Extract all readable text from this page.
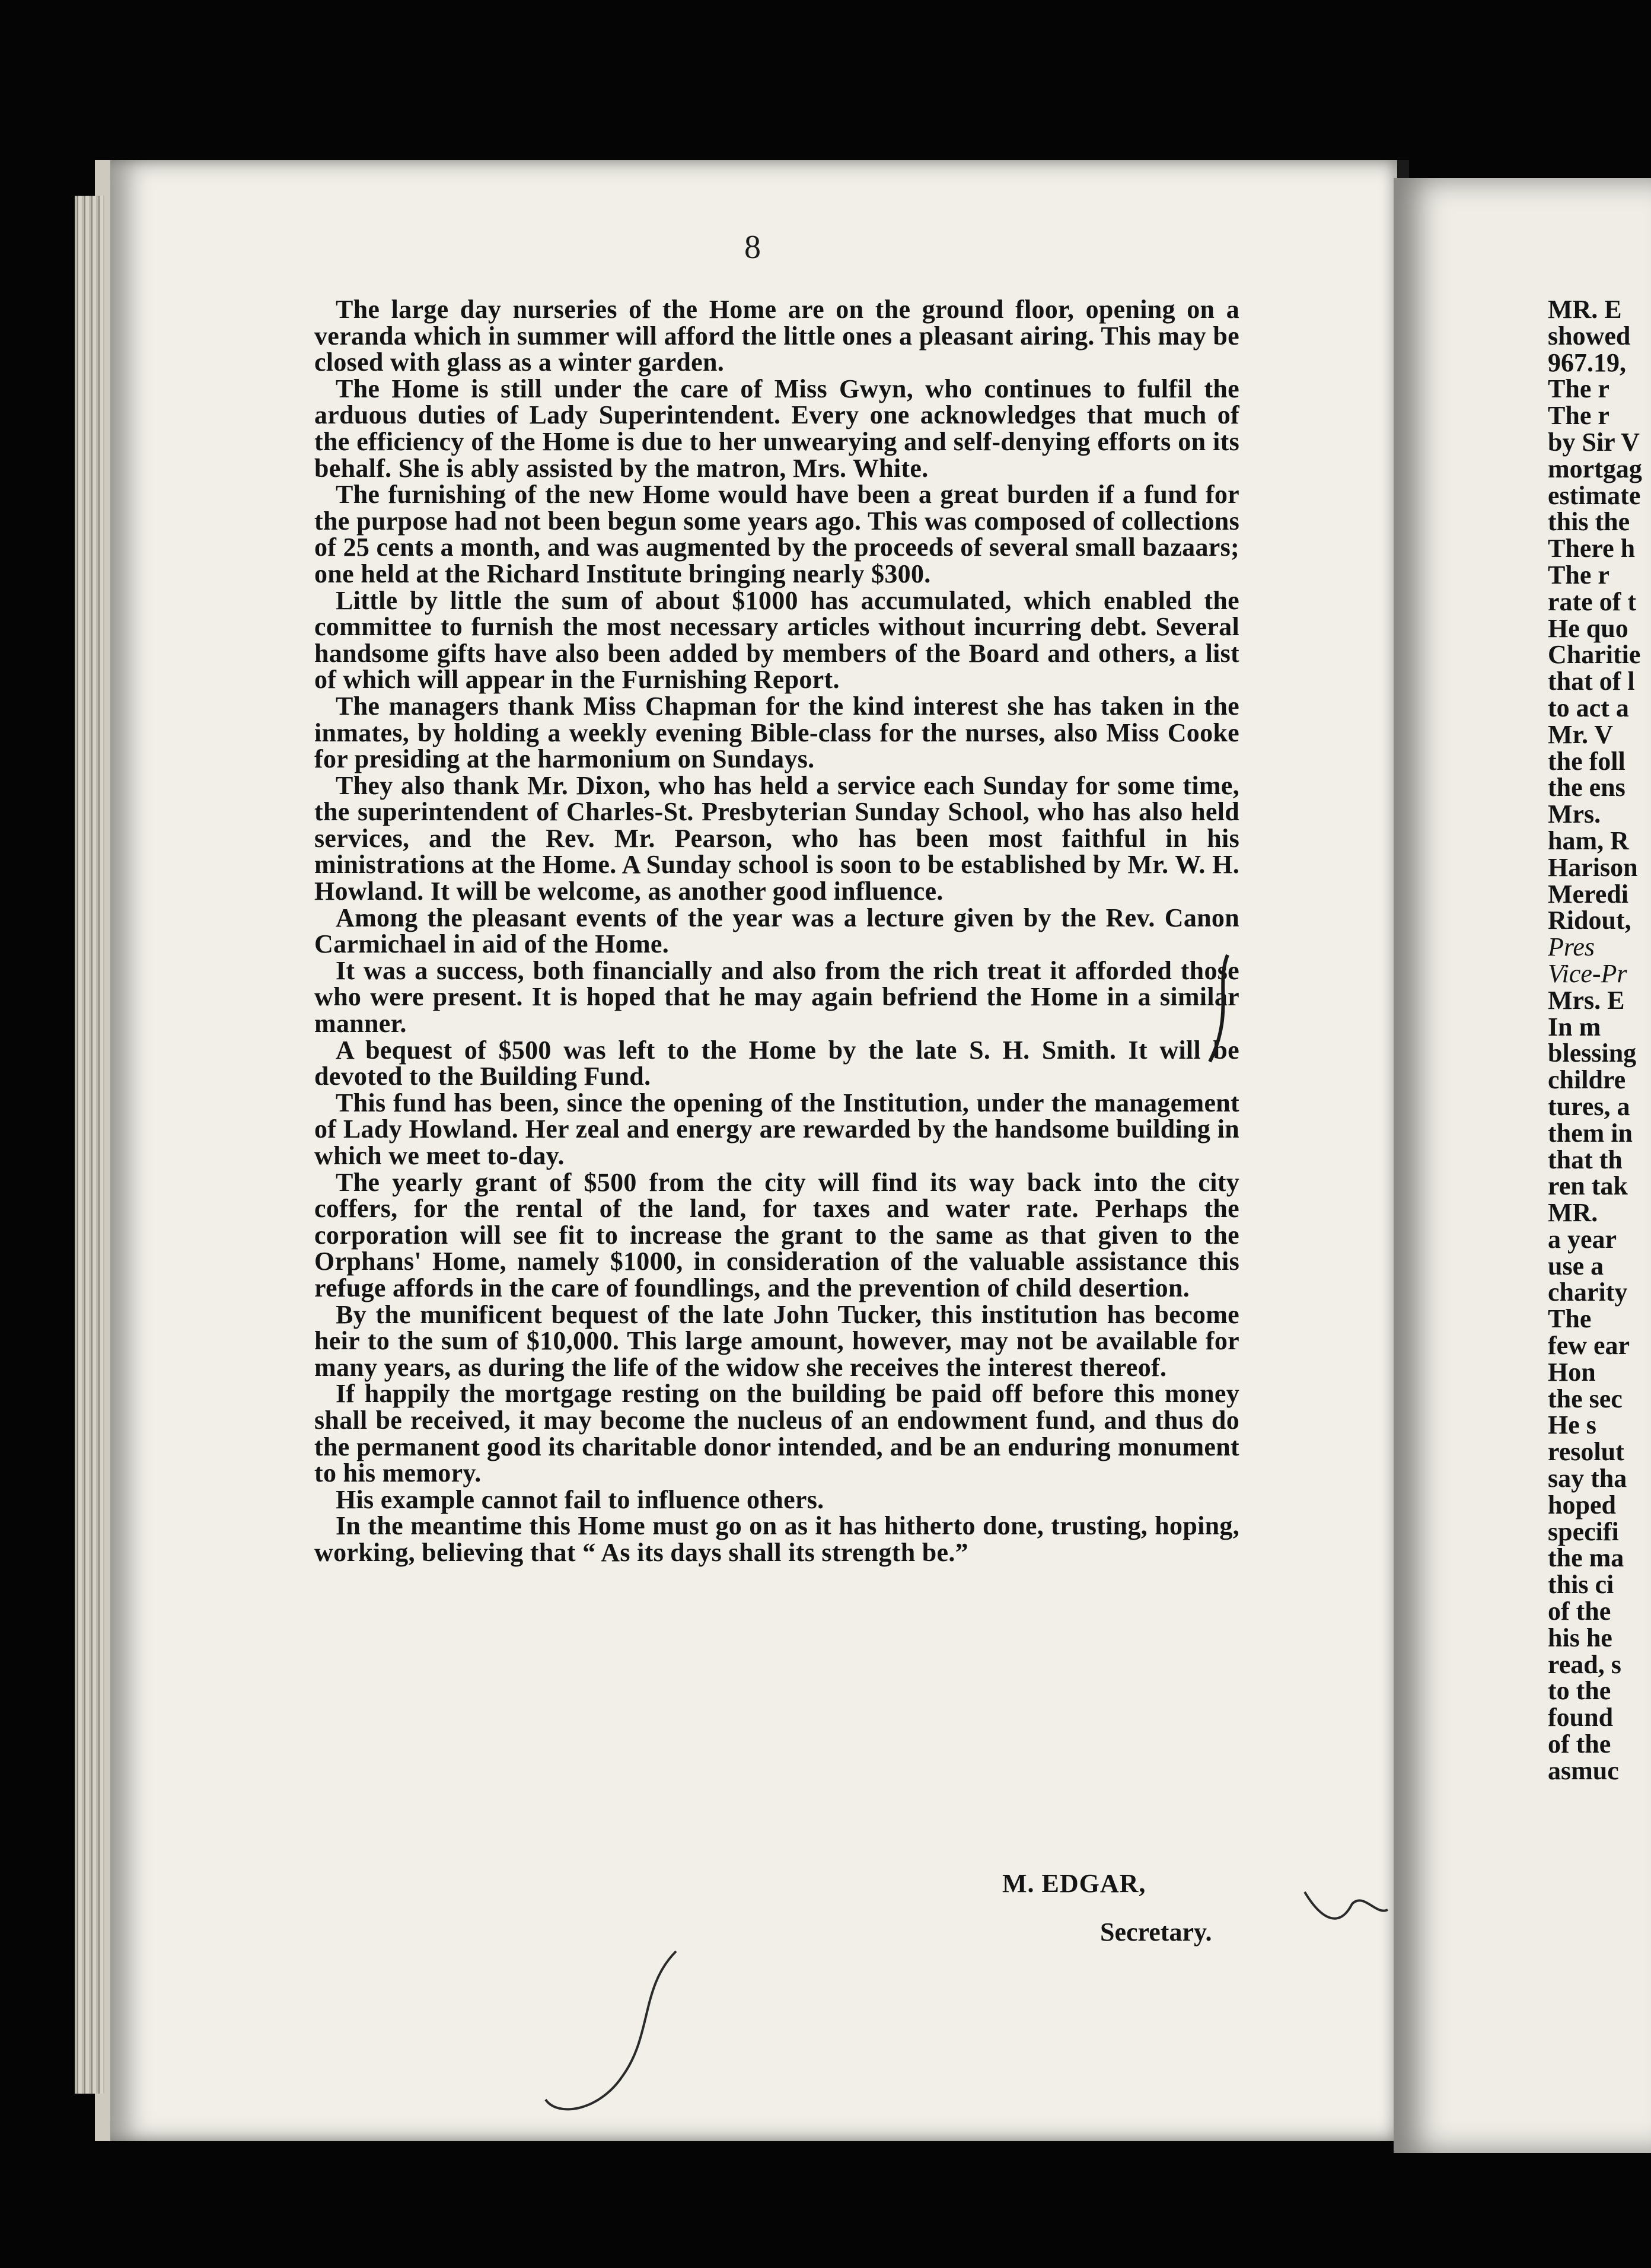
8

The large day nurseries of the Home are on the ground floor, opening on a veranda which in summer will afford the little ones a pleasant airing. This may be closed with glass as a winter garden.

The Home is still under the care of Miss Gwyn, who continues to fulfil the arduous duties of Lady Superintendent. Every one acknowledges that much of the efficiency of the Home is due to her unwearying and self-denying efforts on its behalf. She is ably assisted by the matron, Mrs. White.

The furnishing of the new Home would have been a great burden if a fund for the purpose had not been begun some years ago. This was composed of collections of 25 cents a month, and was augmented by the proceeds of several small bazaars; one held at the Richard Institute bringing nearly $300.

Little by little the sum of about $1000 has accumulated, which enabled the committee to furnish the most necessary articles without incurring debt. Several handsome gifts have also been added by members of the Board and others, a list of which will appear in the Furnishing Report.

The managers thank Miss Chapman for the kind interest she has taken in the inmates, by holding a weekly evening Bible-class for the nurses, also Miss Cooke for presiding at the harmonium on Sundays.

They also thank Mr. Dixon, who has held a service each Sunday for some time, the superintendent of Charles-St. Presbyterian Sunday School, who has also held services, and the Rev. Mr. Pearson, who has been most faithful in his ministrations at the Home. A Sunday school is soon to be established by Mr. W. H. Howland. It will be welcome, as another good influence.

Among the pleasant events of the year was a lecture given by the Rev. Canon Carmichael in aid of the Home.

It was a success, both financially and also from the rich treat it afforded those who were present. It is hoped that he may again befriend the Home in a similar manner.

A bequest of $500 was left to the Home by the late S. H. Smith. It will be devoted to the Building Fund.

This fund has been, since the opening of the Institution, under the management of Lady Howland. Her zeal and energy are rewarded by the handsome building in which we meet to-day.

The yearly grant of $500 from the city will find its way back into the city coffers, for the rental of the land, for taxes and water rate. Perhaps the corporation will see fit to increase the grant to the same as that given to the Orphans' Home, namely $1000, in consideration of the valuable assistance this refuge affords in the care of foundlings, and the prevention of child desertion.

By the munificent bequest of the late John Tucker, this institution has become heir to the sum of $10,000. This large amount, however, may not be available for many years, as during the life of the widow she receives the interest thereof.

If happily the mortgage resting on the building be paid off before this money shall be received, it may become the nucleus of an endowment fund, and thus do the permanent good its charitable donor intended, and be an enduring monument to his memory.

His example cannot fail to influence others.

In the meantime this Home must go on as it has hitherto done, trusting, hoping, working, believing that “ As its days shall its strength be.”

M. EDGAR,
Secretary.
MR. E
showed
967.19,
The r
The r
by Sir V
mortgag
estimate
this the
There h
The r
rate of t
He quo
Charitie
that of l
to act a
Mr. V
the foll
the ens
Mrs.
ham, R
Harison
Meredi
Ridout,
Pres
Vice-Pr
Mrs. E
In m
blessing
childre
tures, a
them in
that th
ren tak
MR.
a year
use a
charity
The
few ear
Hon
the sec
He s
resolut
say tha
hoped
specifi
the ma
this ci
of the
his he
read, s
to the
found
of the
asmuc
